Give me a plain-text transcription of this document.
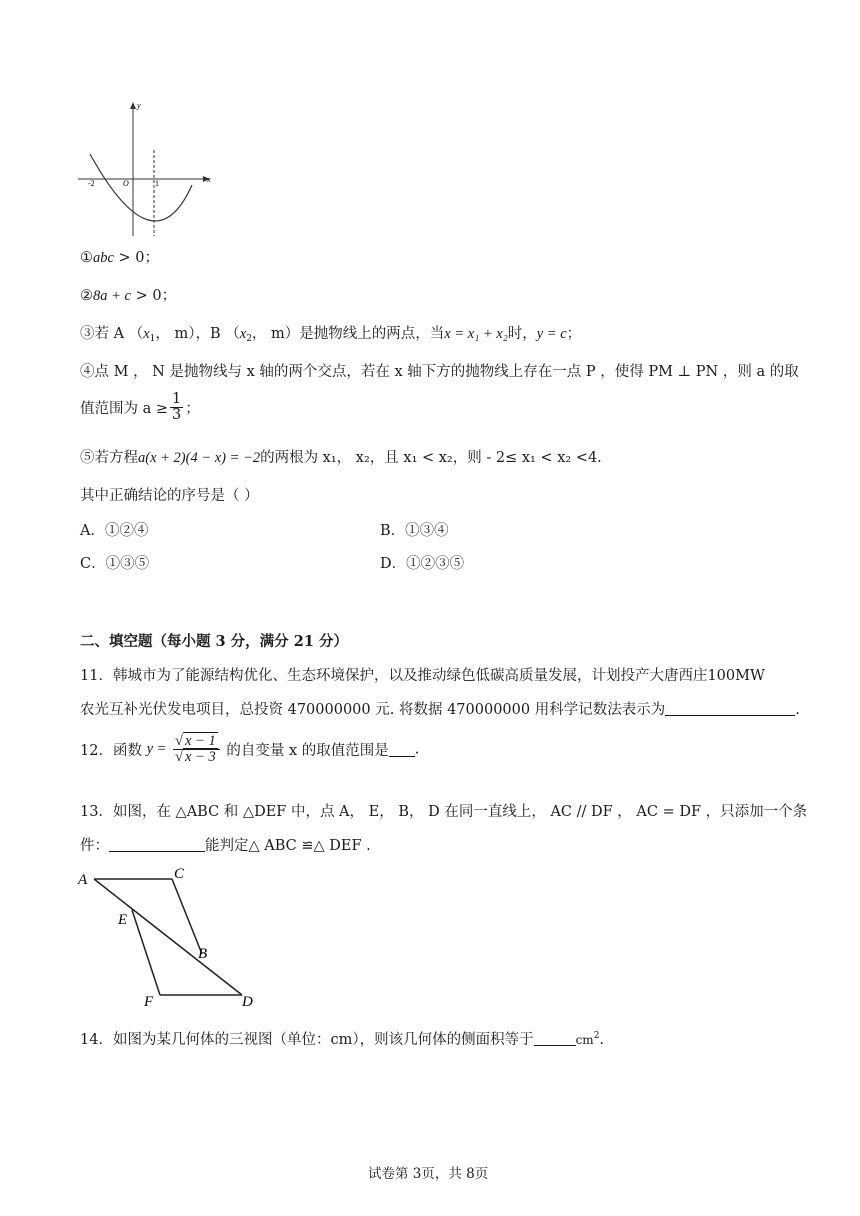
x
y
-2	O	1
①abc > 0；
②8a + c > 0；
③若 A （$x_1$， m），B （$x_2$， m）是抛物线上的两点，当x = x₁ + x₂时，y = c；
④点 M ， N 是抛物线与 x 轴的两个交点，若在 x 轴下方的抛物线上存在一点 P ，使得 PM ⊥ PN ，则 a 的取
值范围为 $a \ge \frac{1}{3}$ ；
⑤若方程a(x + 2)(4 − x) = −2的两根为 x₁， x₂，且 x₁ < x₂，则 - 2≤ x₁ < x₂ <4.
其中正确结论的序号是（ ）
A．①②④	B．①③④
C．①③⑤	D．①②③⑤
二、填空题（每小题 3 分，满分 21 分）
11．韩城市为了能源结构优化、生态环境保护，以及推动绿色低碳高质量发展，计划投产大唐西庄100MW
农光互补光伏发电项目，总投资 470000000 元. 将数据 470000000 用科学记数法表示为	.
12．函数 $y = \frac{√ x - 1}{√ x - 3}$ 的自变量 x 的取值范围是 .
13．如图，在 △ABC 和 △DEF 中，点 A， E， B， D 在同一直线上， AC // DF ， AC = DF ，只添加一个条
件：	能判定△ ABC ≌△ DEF .
A	C
E
B
F	D
14．如图为某几何体的三视图（单位：cm），则该几何体的侧面积等于	$cm^2$.
试卷第 3页，共 8页
